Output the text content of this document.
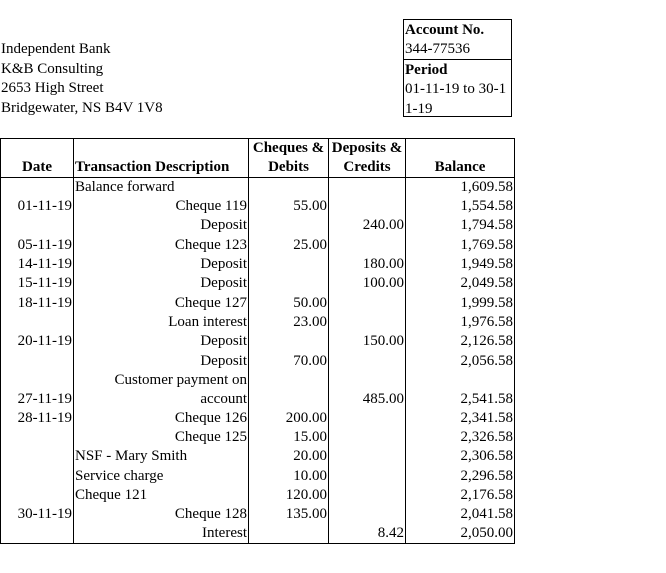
Independent Bank
K&B Consulting
2653 High Street
Bridgewater, NS B4V 1V8
Account No.
344-77536
Period
01-11-19 to 30-11-19
Date	Transaction Description	Cheques & Debits	Deposits & Credits	Balance
	Balance forward			1,609.58
01-11-19	Cheque 119	55.00		1,554.58
	Deposit		240.00	1,794.58
05-11-19	Cheque 123	25.00		1,769.58
14-11-19	Deposit		180.00	1,949.58
15-11-19	Deposit		100.00	2,049.58
18-11-19	Cheque 127	50.00		1,999.58
	Loan interest	23.00		1,976.58
20-11-19	Deposit		150.00	2,126.58
	Deposit	70.00		2,056.58
27-11-19	Customer payment on account		485.00	2,541.58
28-11-19	Cheque 126	200.00		2,341.58
	Cheque 125	15.00		2,326.58
	NSF - Mary Smith	20.00		2,306.58
	Service charge	10.00		2,296.58
	Cheque 121	120.00		2,176.58
30-11-19	Cheque 128	135.00		2,041.58
	Interest		8.42	2,050.00
